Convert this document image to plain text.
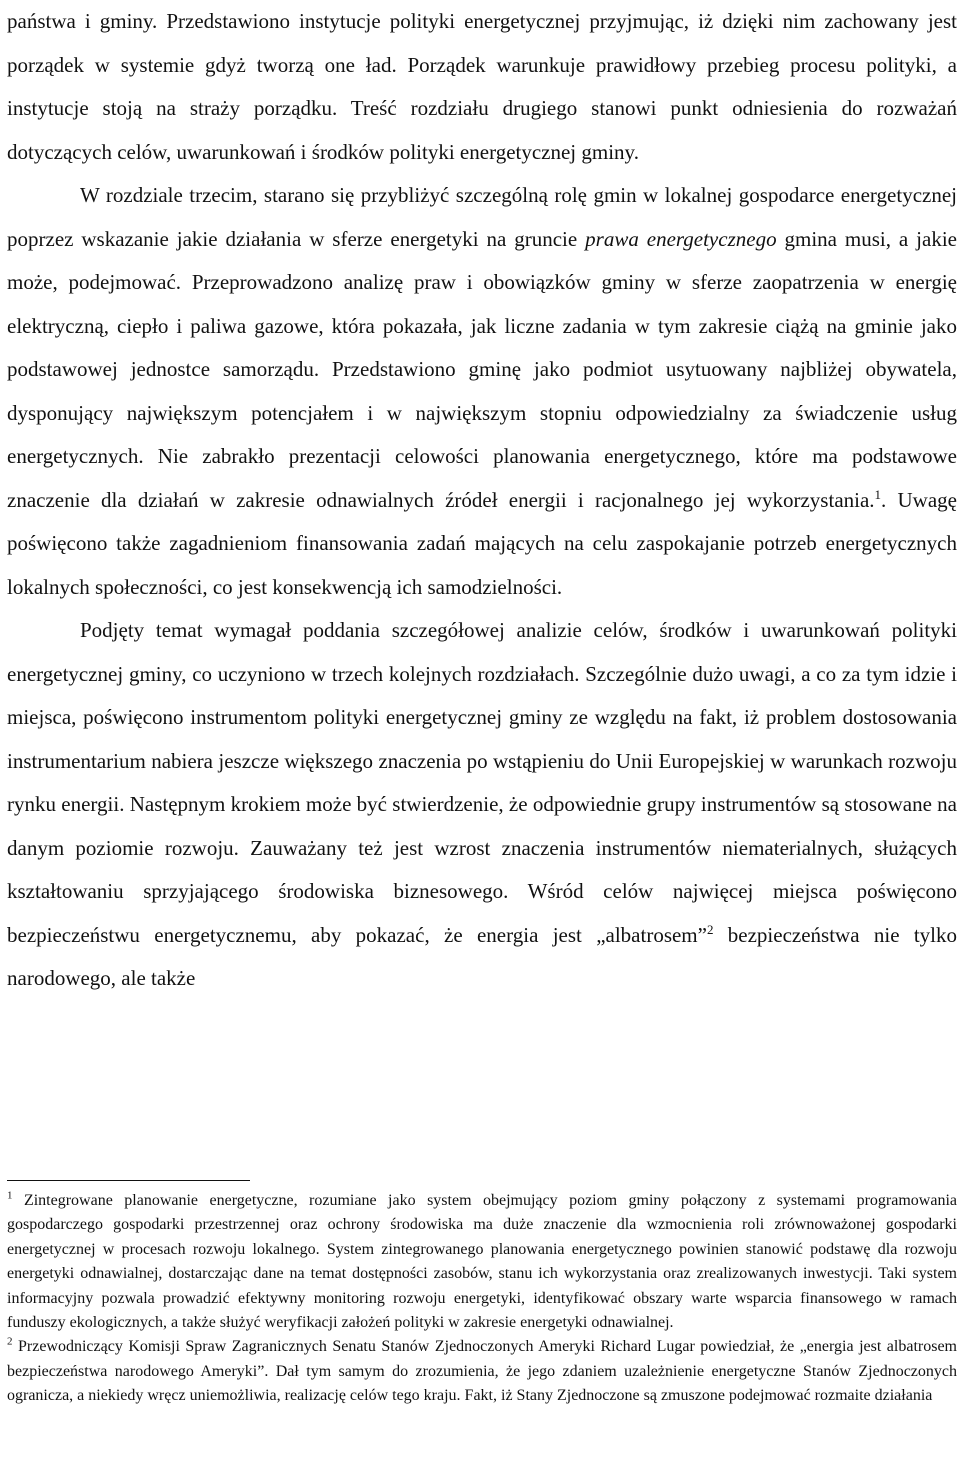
państwa i gminy. Przedstawiono instytucje polityki energetycznej przyjmując, iż dzięki nim zachowany jest porządek w systemie gdyż tworzą one ład. Porządek warunkuje prawidłowy przebieg procesu polityki, a instytucje stoją na straży porządku. Treść rozdziału drugiego stanowi punkt odniesienia do rozważań dotyczących celów, uwarunkowań i środków polityki energetycznej gminy.

W rozdziale trzecim, starano się przybliżyć szczególną rolę gmin w lokalnej gospodarce energetycznej poprzez wskazanie jakie działania w sferze energetyki na gruncie prawa energetycznego gmina musi, a jakie może, podejmować. Przeprowadzono analizę praw i obowiązków gminy w sferze zaopatrzenia w energię elektryczną, ciepło i paliwa gazowe, która pokazała, jak liczne zadania w tym zakresie ciążą na gminie jako podstawowej jednostce samorządu. Przedstawiono gminę jako podmiot usytuowany najbliżej obywatela, dysponujący największym potencjałem i w największym stopniu odpowiedzialny za świadczenie usług energetycznych. Nie zabrakło prezentacji celowości planowania energetycznego, które ma podstawowe znaczenie dla działań w zakresie odnawialnych źródeł energii i racjonalnego jej wykorzystania.$^1$. Uwagę poświęcono także zagadnieniom finansowania zadań mających na celu zaspokajanie potrzeb energetycznych lokalnych społeczności, co jest konsekwencją ich samodzielności.

Podjęty temat wymagał poddania szczegółowej analizie celów, środków i uwarunkowań polityki energetycznej gminy, co uczyniono w trzech kolejnych rozdziałach. Szczególnie dużo uwagi, a co za tym idzie i miejsca, poświęcono instrumentom polityki energetycznej gminy ze względu na fakt, iż problem dostosowania instrumentarium nabiera jeszcze większego znaczenia po wstąpieniu do Unii Europejskiej w warunkach rozwoju rynku energii. Następnym krokiem może być stwierdzenie, że odpowiednie grupy instrumentów są stosowane na danym poziomie rozwoju. Zauważany też jest wzrost znaczenia instrumentów niematerialnych, służących kształtowaniu sprzyjającego środowiska biznesowego. Wśród celów najwięcej miejsca poświęcono bezpieczeństwu energetycznemu, aby pokazać, że energia jest „albatrosem”$^2$ bezpieczeństwa nie tylko narodowego, ale także

$^1$ Zintegrowane planowanie energetyczne, rozumiane jako system obejmujący poziom gminy połączony z systemami programowania gospodarczego gospodarki przestrzennej oraz ochrony środowiska ma duże znaczenie dla wzmocnienia roli zrównoważonej gospodarki energetycznej w procesach rozwoju lokalnego. System zintegrowanego planowania energetycznego powinien stanowić podstawę dla rozwoju energetyki odnawialnej, dostarczając dane na temat dostępności zasobów, stanu ich wykorzystania oraz zrealizowanych inwestycji. Taki system informacyjny pozwala prowadzić efektywny monitoring rozwoju energetyki, identyfikować obszary warte wsparcia finansowego w ramach funduszy ekologicznych, a także służyć weryfikacji założeń polityki w zakresie energetyki odnawialnej.

$^2$ Przewodniczący Komisji Spraw Zagranicznych Senatu Stanów Zjednoczonych Ameryki Richard Lugar powiedział, że „energia jest albatrosem bezpieczeństwa narodowego Ameryki”. Dał tym samym do zrozumienia, że jego zdaniem uzależnienie energetyczne Stanów Zjednoczonych ogranicza, a niekiedy wręcz uniemożliwia, realizację celów tego kraju. Fakt, iż Stany Zjednoczone są zmuszone podejmować rozmaite działania
